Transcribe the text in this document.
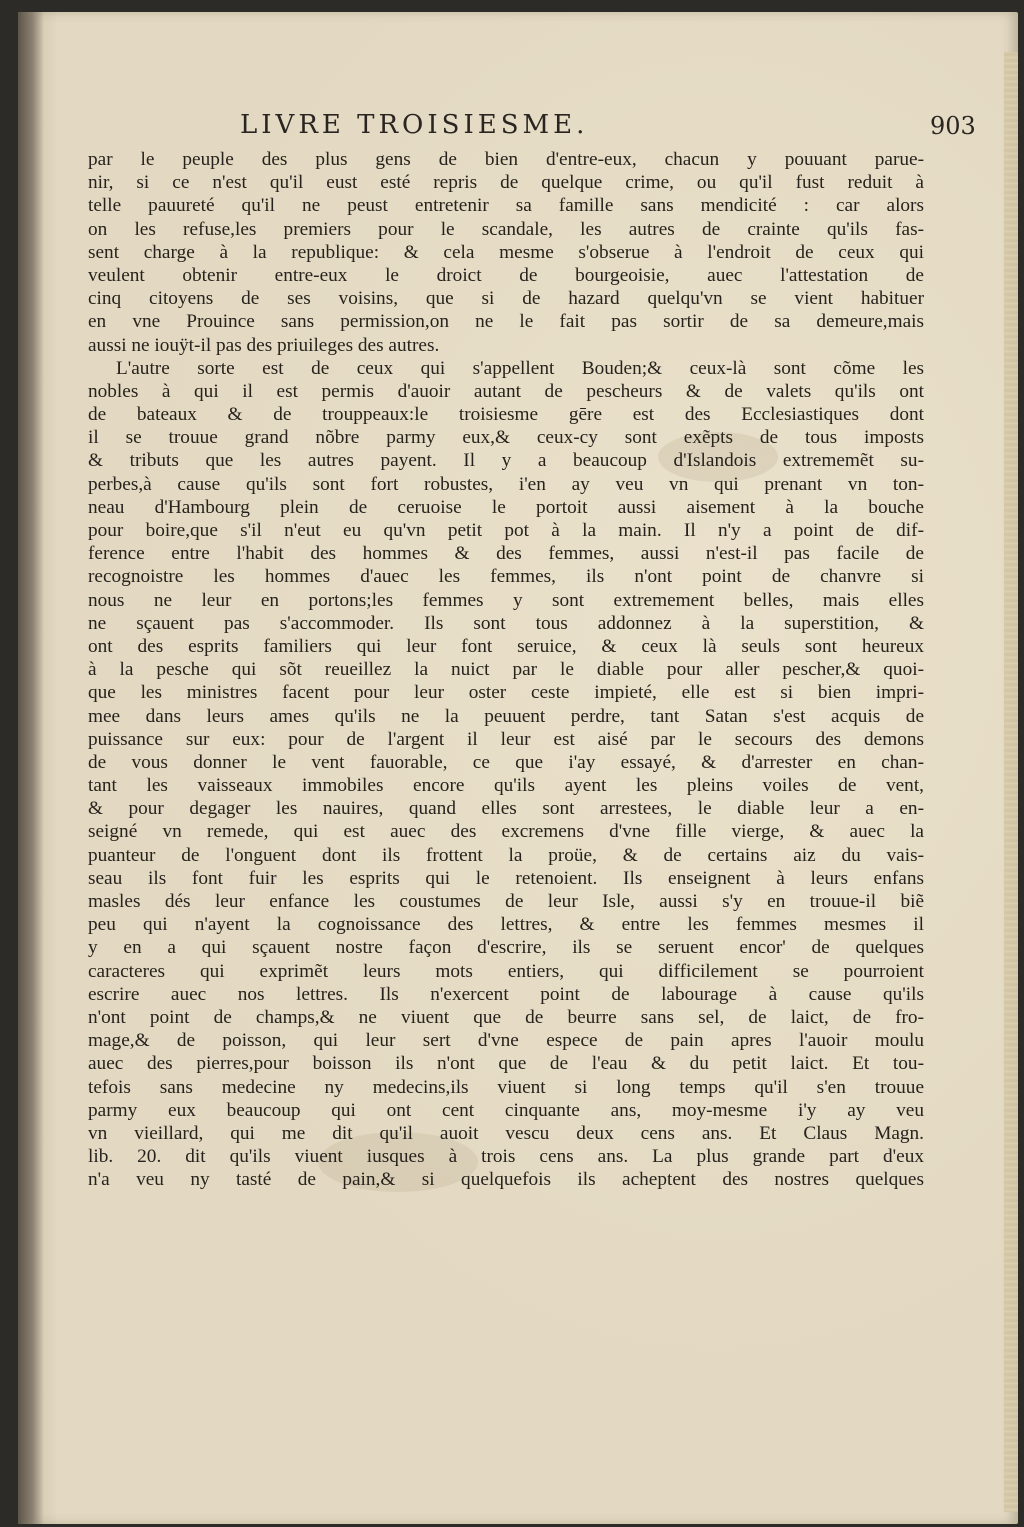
LIVRE TROISIESME.	903
par le peuple des plus gens de bien d'entre-eux, chacun y pouuant parue-
nir, si ce n'est qu'il eust esté repris de quelque crime, ou qu'il fust reduit à
telle pauureté qu'il ne peust entretenir sa famille sans mendicité : car alors
on les refuse,les premiers pour le scandale, les autres de crainte qu'ils fas-
sent charge à la republique: & cela mesme s'obserue à l'endroit de ceux qui
veulent obtenir entre-eux le droict de bourgeoisie, auec l'attestation de
cinq citoyens de ses voisins, que si de hazard quelqu'vn se vient habituer
en vne Prouince sans permission,on ne le fait pas sortir de sa demeure,mais
aussi ne iouÿt-il pas des priuileges des autres.
L'autre sorte est de ceux qui s'appellent Bouden;& ceux-là sont cõme les
nobles à qui il est permis d'auoir autant de pescheurs & de valets qu'ils ont
de bateaux & de trouppeaux:le troisiesme gēre est des Ecclesiastiques dont
il se trouue grand nõbre parmy eux,& ceux-cy sont exẽpts de tous imposts
& tributs que les autres payent. Il y a beaucoup d'Islandois extrememẽt su-
perbes,à cause qu'ils sont fort robustes, i'en ay veu vn qui prenant vn ton-
neau d'Hambourg plein de ceruoise le portoit aussi aisement à la bouche
pour boire,que s'il n'eut eu qu'vn petit pot à la main. Il n'y a point de dif-
ference entre l'habit des hommes & des femmes, aussi n'est-il pas facile de
recognoistre les hommes d'auec les femmes, ils n'ont point de chanvre si
nous ne leur en portons;les femmes y sont extremement belles, mais elles
ne sçauent pas s'accommoder. Ils sont tous addonnez à la superstition, &
ont des esprits familiers qui leur font seruice, & ceux là seuls sont heureux
à la pesche qui sõt reueillez la nuict par le diable pour aller pescher,& quoi-
que les ministres facent pour leur oster ceste impieté, elle est si bien impri-
mee dans leurs ames qu'ils ne la peuuent perdre, tant Satan s'est acquis de
puissance sur eux: pour de l'argent il leur est aisé par le secours des demons
de vous donner le vent fauorable, ce que i'ay essayé, & d'arrester en chan-
tant les vaisseaux immobiles encore qu'ils ayent les pleins voiles de vent,
& pour degager les nauires, quand elles sont arrestees, le diable leur a en-
seigné vn remede, qui est auec des excremens d'vne fille vierge, & auec la
puanteur de l'onguent dont ils frottent la proüe, & de certains aiz du vais-
seau ils font fuir les esprits qui le retenoient. Ils enseignent à leurs enfans
masles dés leur enfance les coustumes de leur Isle, aussi s'y en trouue-il biẽ
peu qui n'ayent la cognoissance des lettres, & entre les femmes mesmes il
y en a qui sçauent nostre façon d'escrire, ils se seruent encor' de quelques
caracteres qui exprimẽt leurs mots entiers, qui difficilement se pourroient
escrire auec nos lettres. Ils n'exercent point de labourage à cause qu'ils
n'ont point de champs,& ne viuent que de beurre sans sel, de laict, de fro-
mage,& de poisson, qui leur sert d'vne espece de pain apres l'auoir moulu
auec des pierres,pour boisson ils n'ont que de l'eau & du petit laict. Et tou-
tefois sans medecine ny medecins,ils viuent si long temps qu'il s'en trouue
parmy eux beaucoup qui ont cent cinquante ans, moy-mesme i'y ay veu
vn vieillard, qui me dit qu'il auoit vescu deux cens ans. Et Claus Magn.
lib. 20. dit qu'ils viuent iusques à trois cens ans. La plus grande part d'eux
n'a veu ny tasté de pain,& si quelquefois ils acheptent des nostres quelques
